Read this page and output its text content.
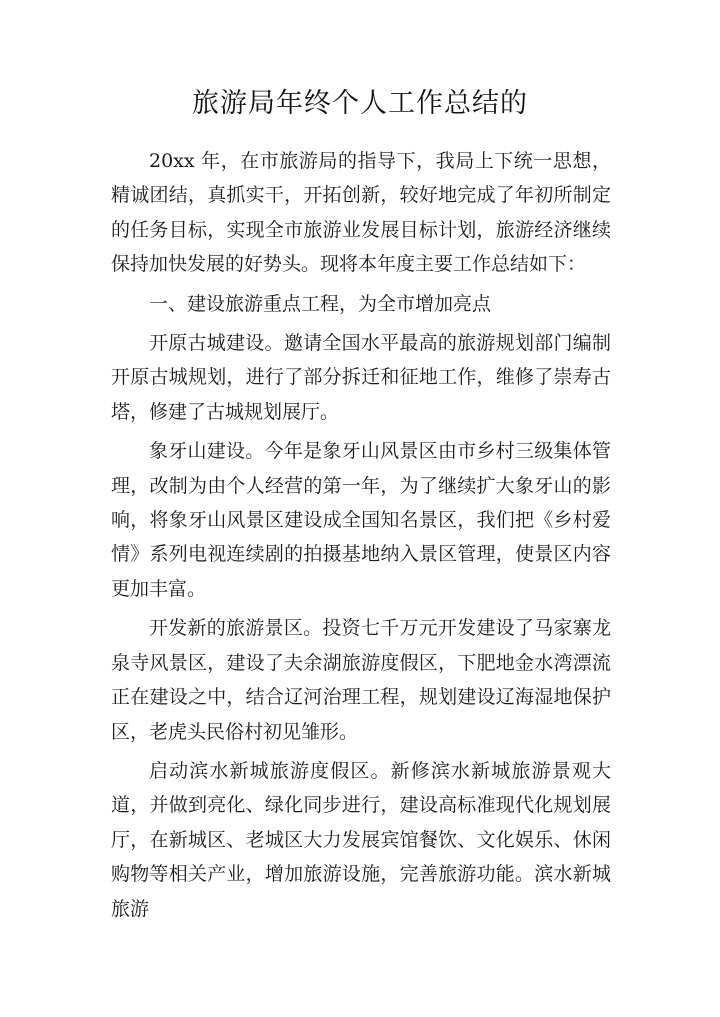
旅游局年终个人工作总结的

20xx 年，在市旅游局的指导下，我局上下统一思想，精诚团结，真抓实干，开拓创新，较好地完成了年初所制定的任务目标，实现全市旅游业发展目标计划，旅游经济继续保持加快发展的好势头。现将本年度主要工作总结如下：

一、建设旅游重点工程，为全市增加亮点

开原古城建设。邀请全国水平最高的旅游规划部门编制开原古城规划，进行了部分拆迁和征地工作，维修了崇寿古塔，修建了古城规划展厅。

象牙山建设。今年是象牙山风景区由市乡村三级集体管理，改制为由个人经营的第一年，为了继续扩大象牙山的影响，将象牙山风景区建设成全国知名景区，我们把《乡村爱情》系列电视连续剧的拍摄基地纳入景区管理，使景区内容更加丰富。

开发新的旅游景区。投资七千万元开发建设了马家寨龙泉寺风景区，建设了夫余湖旅游度假区，下肥地金水湾漂流正在建设之中，结合辽河治理工程，规划建设辽海湿地保护区，老虎头民俗村初见雏形。

启动滨水新城旅游度假区。新修滨水新城旅游景观大道，并做到亮化、绿化同步进行，建设高标准现代化规划展厅，在新城区、老城区大力发展宾馆餐饮、文化娱乐、休闲购物等相关产业，增加旅游设施，完善旅游功能。滨水新城旅游
